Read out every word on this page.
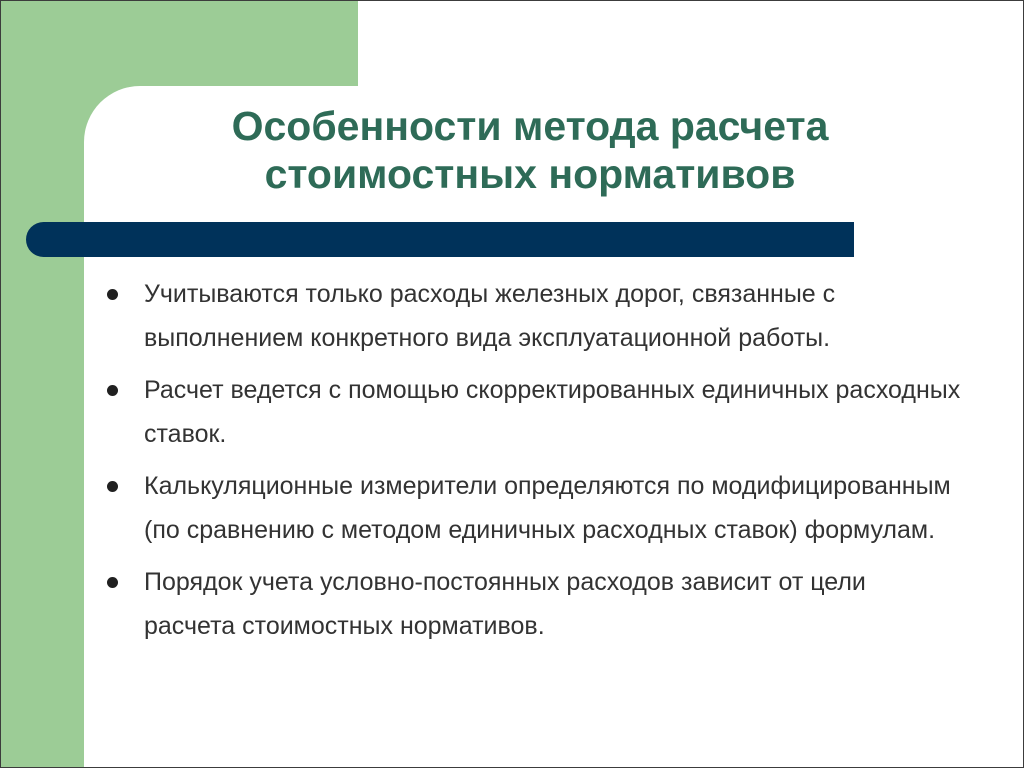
Особенности метода расчета
стоимостных нормативов
Учитываются только расходы железных дорог, связанные с выполнением конкретного вида эксплуатационной работы.
Расчет ведется с помощью скорректированных единичных расходных ставок.
Калькуляционные измерители определяются по модифицированным (по сравнению с методом единичных расходных ставок) формулам.
Порядок учета условно-постоянных расходов зависит от цели расчета стоимостных нормативов.
